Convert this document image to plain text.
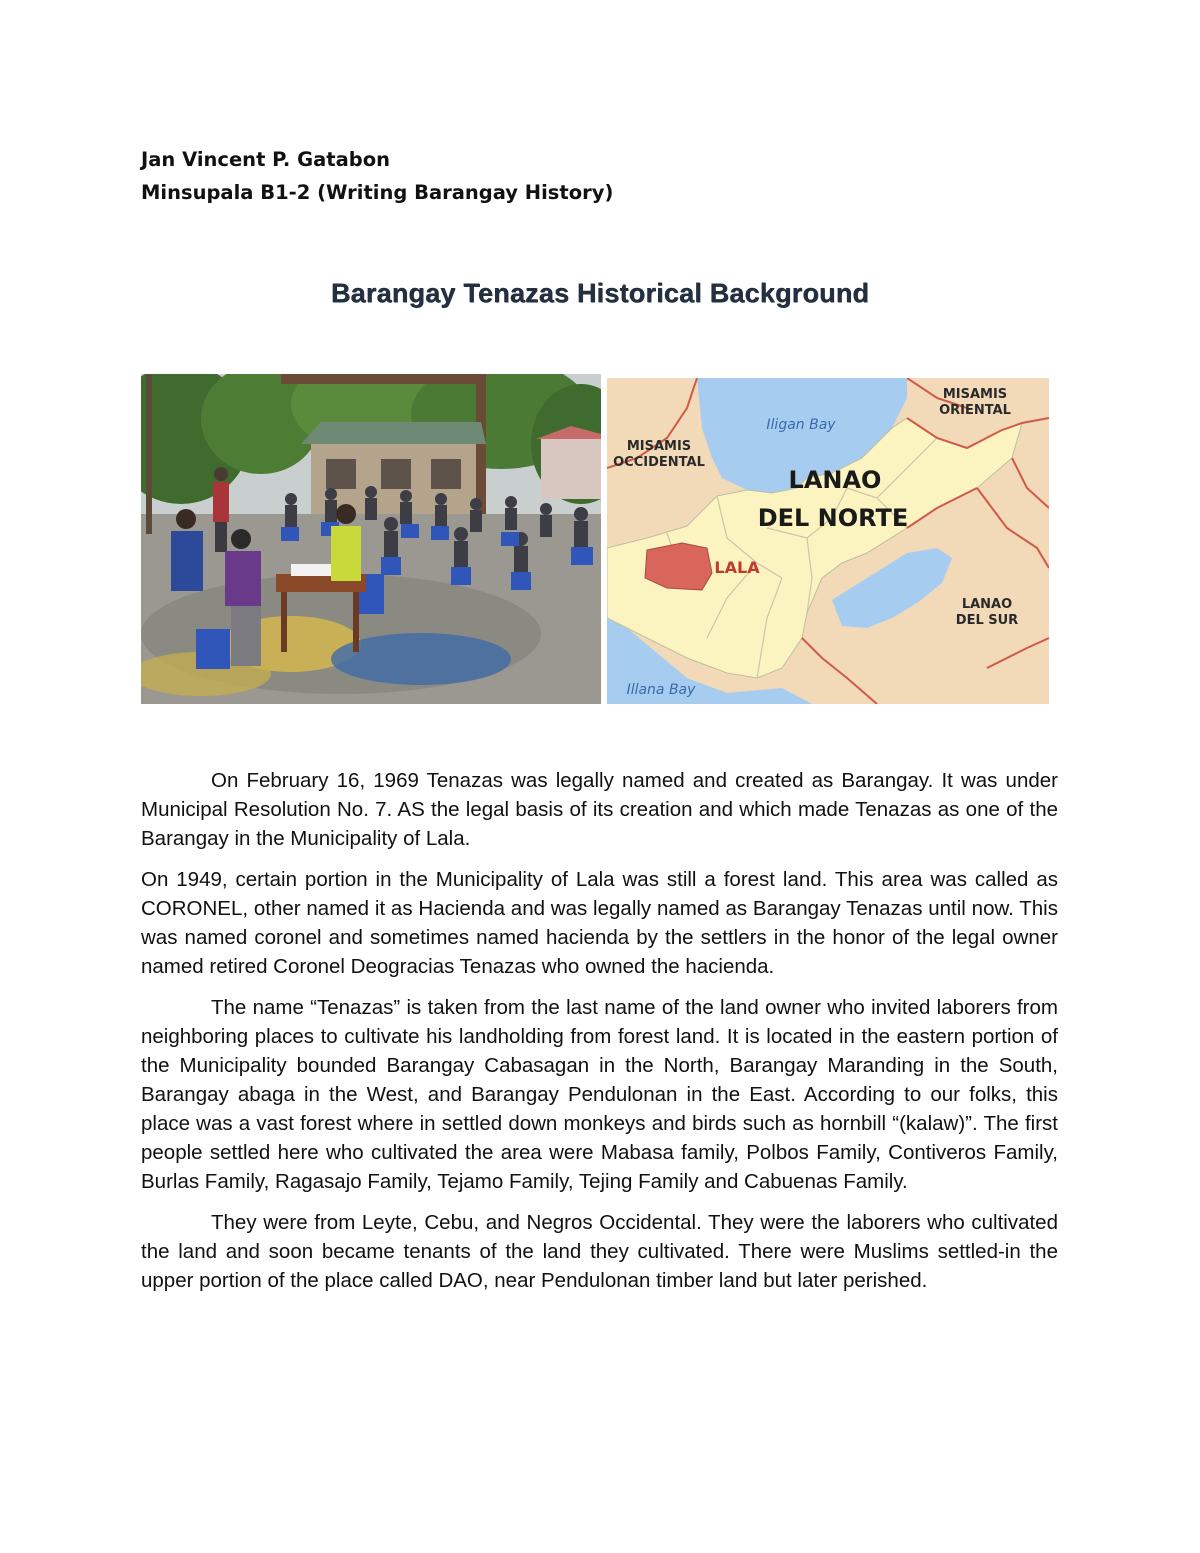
Jan Vincent P. Gatabon
Minsupala B1-2 (Writing Barangay History)
Barangay Tenazas Historical Background
MISAMIS
OCCIDENTAL
MISAMIS
ORIENTAL
Iligan Bay
LANAO
DEL NORTE
LALA
LANAO
DEL SUR
Illana Bay

On February 16, 1969 Tenazas was legally named and created as Barangay. It was under Municipal Resolution No. 7. AS the legal basis of its creation and which made Tenazas as one of the Barangay in the Municipality of Lala.

On 1949, certain portion in the Municipality of Lala was still a forest land. This area was called as CORONEL, other named it as Hacienda and was legally named as Barangay Tenazas until now. This was named coronel and sometimes named hacienda by the settlers in the honor of the legal owner named retired Coronel Deogracias Tenazas who owned the hacienda.

The name “Tenazas” is taken from the last name of the land owner who invited laborers from neighboring places to cultivate his landholding from forest land. It is located in the eastern portion of the Municipality bounded Barangay Cabasagan in the North, Barangay Maranding in the South, Barangay abaga in the West, and Barangay Pendulonan in the East. According to our folks, this place was a vast forest where in settled down monkeys and birds such as hornbill “(kalaw)”. The first people settled here who cultivated the area were Mabasa family, Polbos Family, Contiveros Family, Burlas Family, Ragasajo Family, Tejamo Family, Tejing Family and Cabuenas Family.

They were from Leyte, Cebu, and Negros Occidental. They were the laborers who cultivated the land and soon became tenants of the land they cultivated. There were Muslims settled-in the upper portion of the place called DAO, near Pendulonan timber land but later perished.
